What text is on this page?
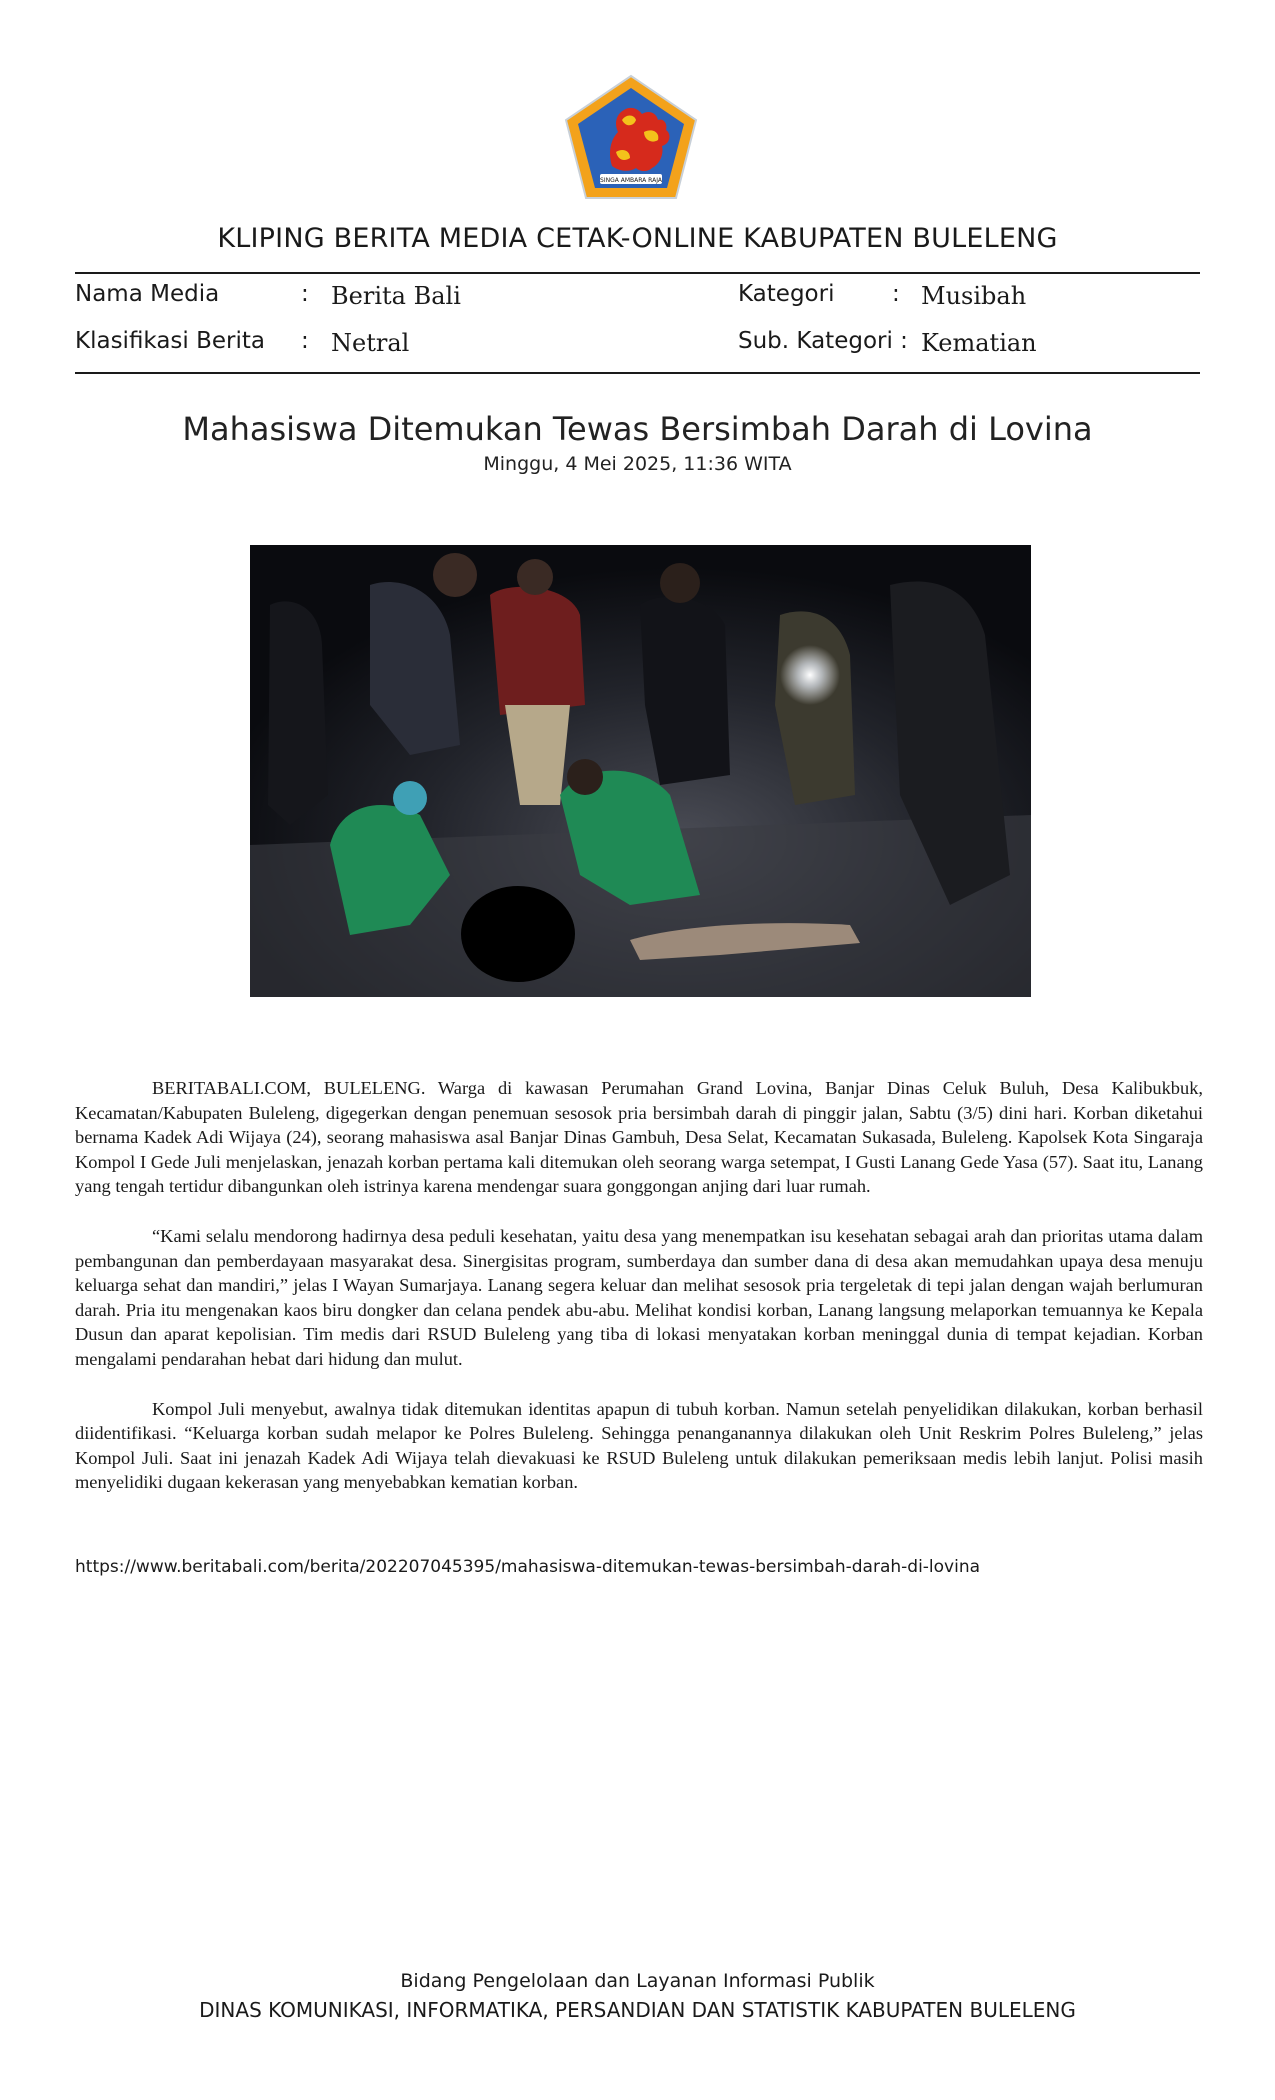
SINGA AMBARA RAJA
KLIPING BERITA MEDIA CETAK-ONLINE KABUPATEN BULELENG
Nama Media	: Berita Bali	Kategori	: Musibah
Klasifikasi Berita : Netral	Sub. Kategori : Kematian
Mahasiswa Ditemukan Tewas Bersimbah Darah di Lovina
Minggu, 4 Mei 2025, 11:36 WITA

BERITABALI.COM, BULELENG. Warga di kawasan Perumahan Grand Lovina, Banjar Dinas Celuk Buluh, Desa Kalibukbuk, Kecamatan/Kabupaten Buleleng, digegerkan dengan penemuan sesosok pria bersimbah darah di pinggir jalan, Sabtu (3/5) dini hari. Korban diketahui bernama Kadek Adi Wijaya (24), seorang mahasiswa asal Banjar Dinas Gambuh, Desa Selat, Kecamatan Sukasada, Buleleng. Kapolsek Kota Singaraja Kompol I Gede Juli menjelaskan, jenazah korban pertama kali ditemukan oleh seorang warga setempat, I Gusti Lanang Gede Yasa (57). Saat itu, Lanang yang tengah tertidur dibangunkan oleh istrinya karena mendengar suara gonggongan anjing dari luar rumah.

“Kami selalu mendorong hadirnya desa peduli kesehatan, yaitu desa yang menempatkan isu kesehatan sebagai arah dan prioritas utama dalam pembangunan dan pemberdayaan masyarakat desa. Sinergisitas program, sumberdaya dan sumber dana di desa akan memudahkan upaya desa menuju keluarga sehat dan mandiri,” jelas I Wayan Sumarjaya. Lanang segera keluar dan melihat sesosok pria tergeletak di tepi jalan dengan wajah berlumuran darah. Pria itu mengenakan kaos biru dongker dan celana pendek abu-abu. Melihat kondisi korban, Lanang langsung melaporkan temuannya ke Kepala Dusun dan aparat kepolisian. Tim medis dari RSUD Buleleng yang tiba di lokasi menyatakan korban meninggal dunia di tempat kejadian. Korban mengalami pendarahan hebat dari hidung dan mulut.

Kompol Juli menyebut, awalnya tidak ditemukan identitas apapun di tubuh korban. Namun setelah penyelidikan dilakukan, korban berhasil diidentifikasi. “Keluarga korban sudah melapor ke Polres Buleleng. Sehingga penanganannya dilakukan oleh Unit Reskrim Polres Buleleng,” jelas Kompol Juli. Saat ini jenazah Kadek Adi Wijaya telah dievakuasi ke RSUD Buleleng untuk dilakukan pemeriksaan medis lebih lanjut. Polisi masih menyelidiki dugaan kekerasan yang menyebabkan kematian korban.

https://www.beritabali.com/berita/202207045395/mahasiswa-ditemukan-tewas-bersimbah-darah-di-lovina
Bidang Pengelolaan dan Layanan Informasi Publik
DINAS KOMUNIKASI, INFORMATIKA, PERSANDIAN DAN STATISTIK KABUPATEN BULELENG
